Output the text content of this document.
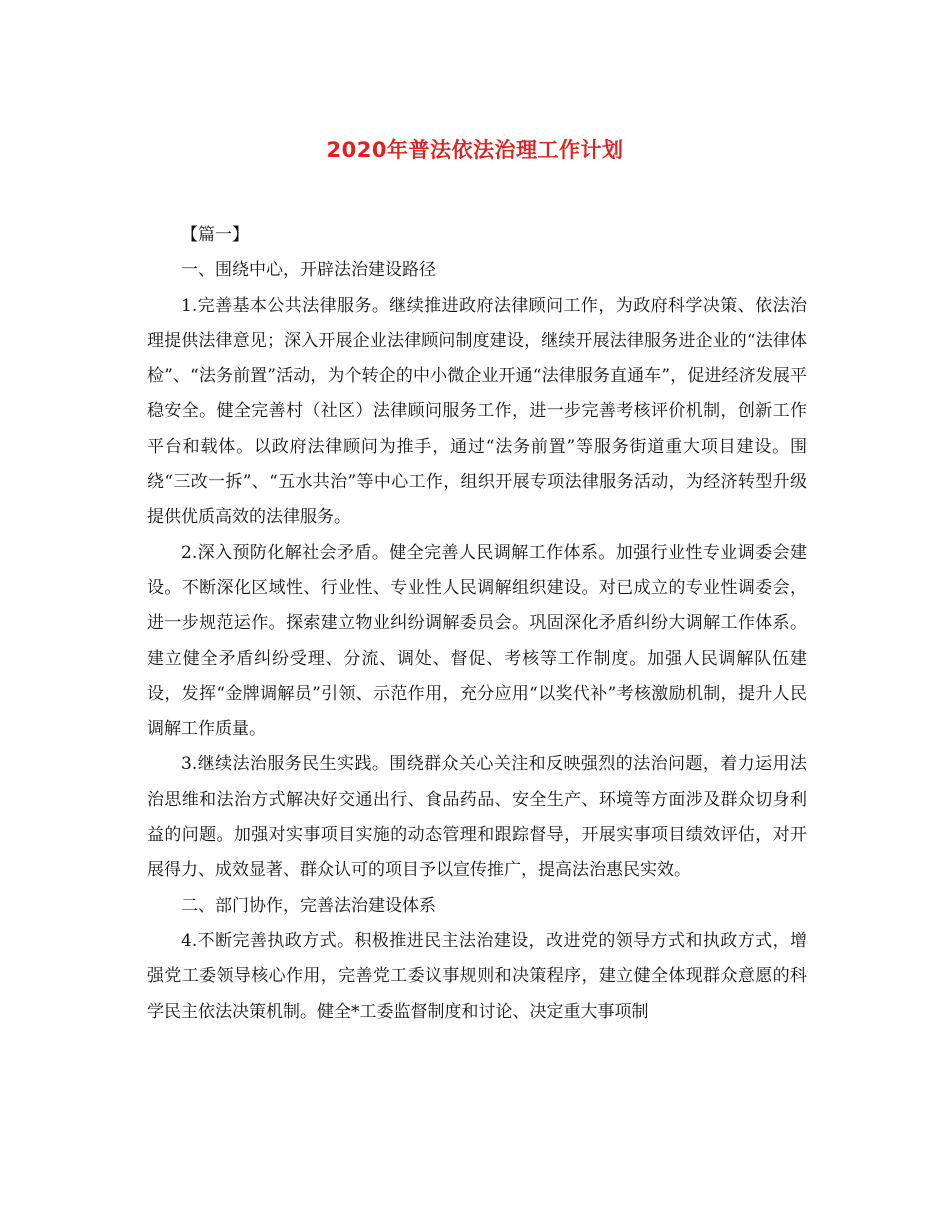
2020年普法依法治理工作计划

【篇一】

一、围绕中心，开辟法治建设路径

1.完善基本公共法律服务。继续推进政府法律顾问工作，为政府科学决策、依法治理提供法律意见；深入开展企业法律顾问制度建设，继续开展法律服务进企业的“法律体检”、“法务前置”活动，为个转企的中小微企业开通“法律服务直通车”，促进经济发展平稳安全。健全完善村（社区）法律顾问服务工作，进一步完善考核评价机制，创新工作平台和载体。以政府法律顾问为推手，通过“法务前置”等服务街道重大项目建设。围绕“三改一拆”、“五水共治”等中心工作，组织开展专项法律服务活动，为经济转型升级提供优质高效的法律服务。

2.深入预防化解社会矛盾。健全完善人民调解工作体系。加强行业性专业调委会建设。不断深化区域性、行业性、专业性人民调解组织建设。对已成立的专业性调委会，进一步规范运作。探索建立物业纠纷调解委员会。巩固深化矛盾纠纷大调解工作体系。建立健全矛盾纠纷受理、分流、调处、督促、考核等工作制度。加强人民调解队伍建设，发挥“金牌调解员”引领、示范作用，充分应用“以奖代补”考核激励机制，提升人民调解工作质量。

3.继续法治服务民生实践。围绕群众关心关注和反映强烈的法治问题，着力运用法治思维和法治方式解决好交通出行、食品药品、安全生产、环境等方面涉及群众切身利益的问题。加强对实事项目实施的动态管理和跟踪督导，开展实事项目绩效评估，对开展得力、成效显著、群众认可的项目予以宣传推广，提高法治惠民实效。

二、部门协作，完善法治建设体系

4.不断完善执政方式。积极推进民主法治建设，改进党的领导方式和执政方式，增强党工委领导核心作用，完善党工委议事规则和决策程序，建立健全体现群众意愿的科学民主依法决策机制。健全*工委监督制度和讨论、决定重大事项制
